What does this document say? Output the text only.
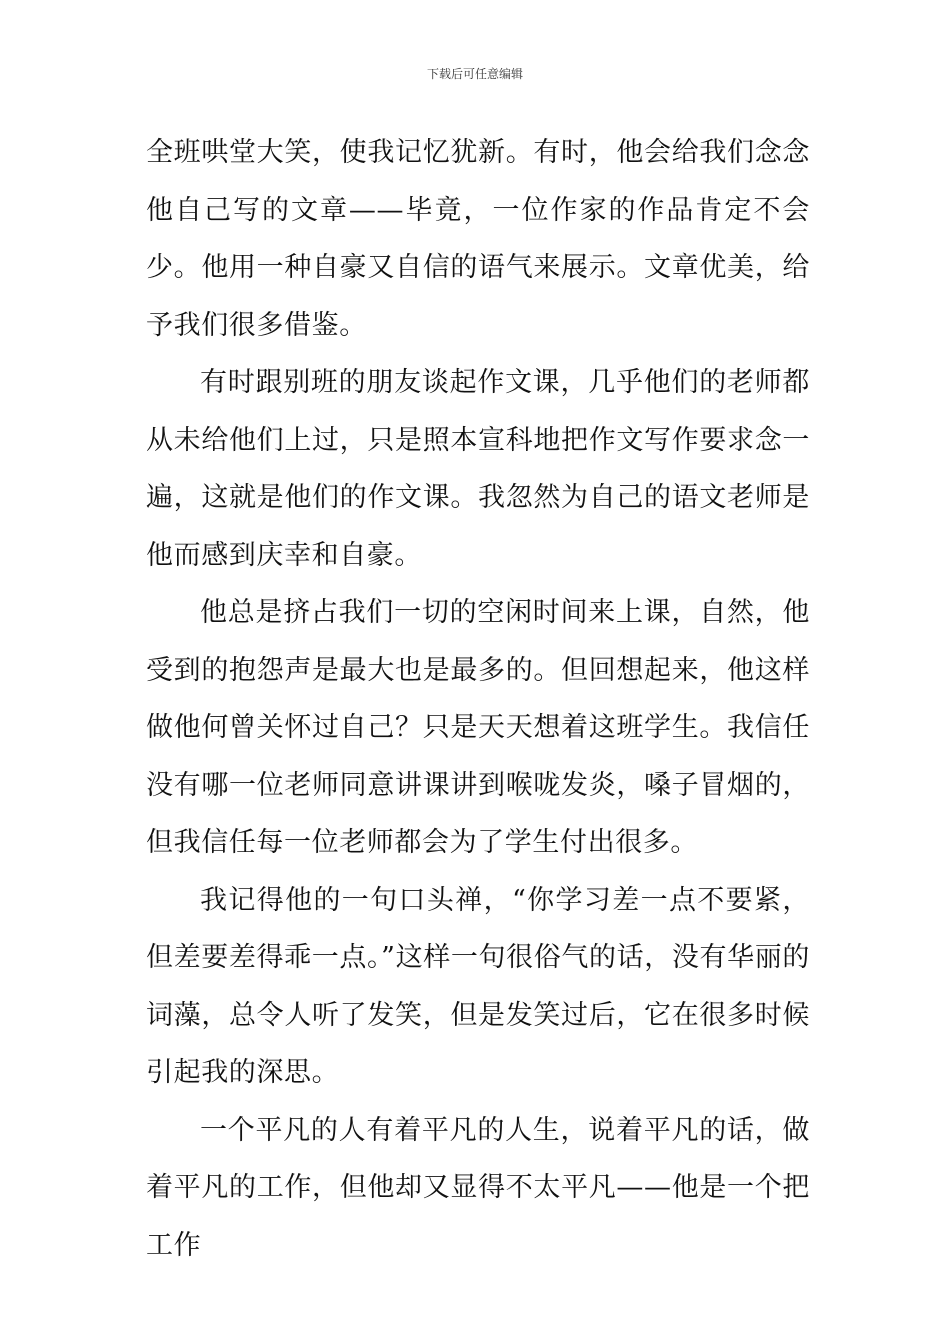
下载后可任意编辑

全班哄堂大笑，使我记忆犹新。有时，他会给我们念念他自己写的文章——毕竟，一位作家的作品肯定不会少。他用一种自豪又自信的语气来展示。文章优美，给予我们很多借鉴。

有时跟别班的朋友谈起作文课，几乎他们的老师都从未给他们上过，只是照本宣科地把作文写作要求念一遍，这就是他们的作文课。我忽然为自己的语文老师是他而感到庆幸和自豪。

他总是挤占我们一切的空闲时间来上课，自然，他受到的抱怨声是最大也是最多的。但回想起来，他这样做他何曾关怀过自己？只是天天想着这班学生。我信任没有哪一位老师同意讲课讲到喉咙发炎，嗓子冒烟的，但我信任每一位老师都会为了学生付出很多。

我记得他的一句口头禅，“你学习差一点不要紧，但差要差得乖一点。”这样一句很俗气的话，没有华丽的词藻，总令人听了发笑，但是发笑过后，它在很多时候引起我的深思。

一个平凡的人有着平凡的人生，说着平凡的话，做着平凡的工作，但他却又显得不太平凡——他是一个把工作
